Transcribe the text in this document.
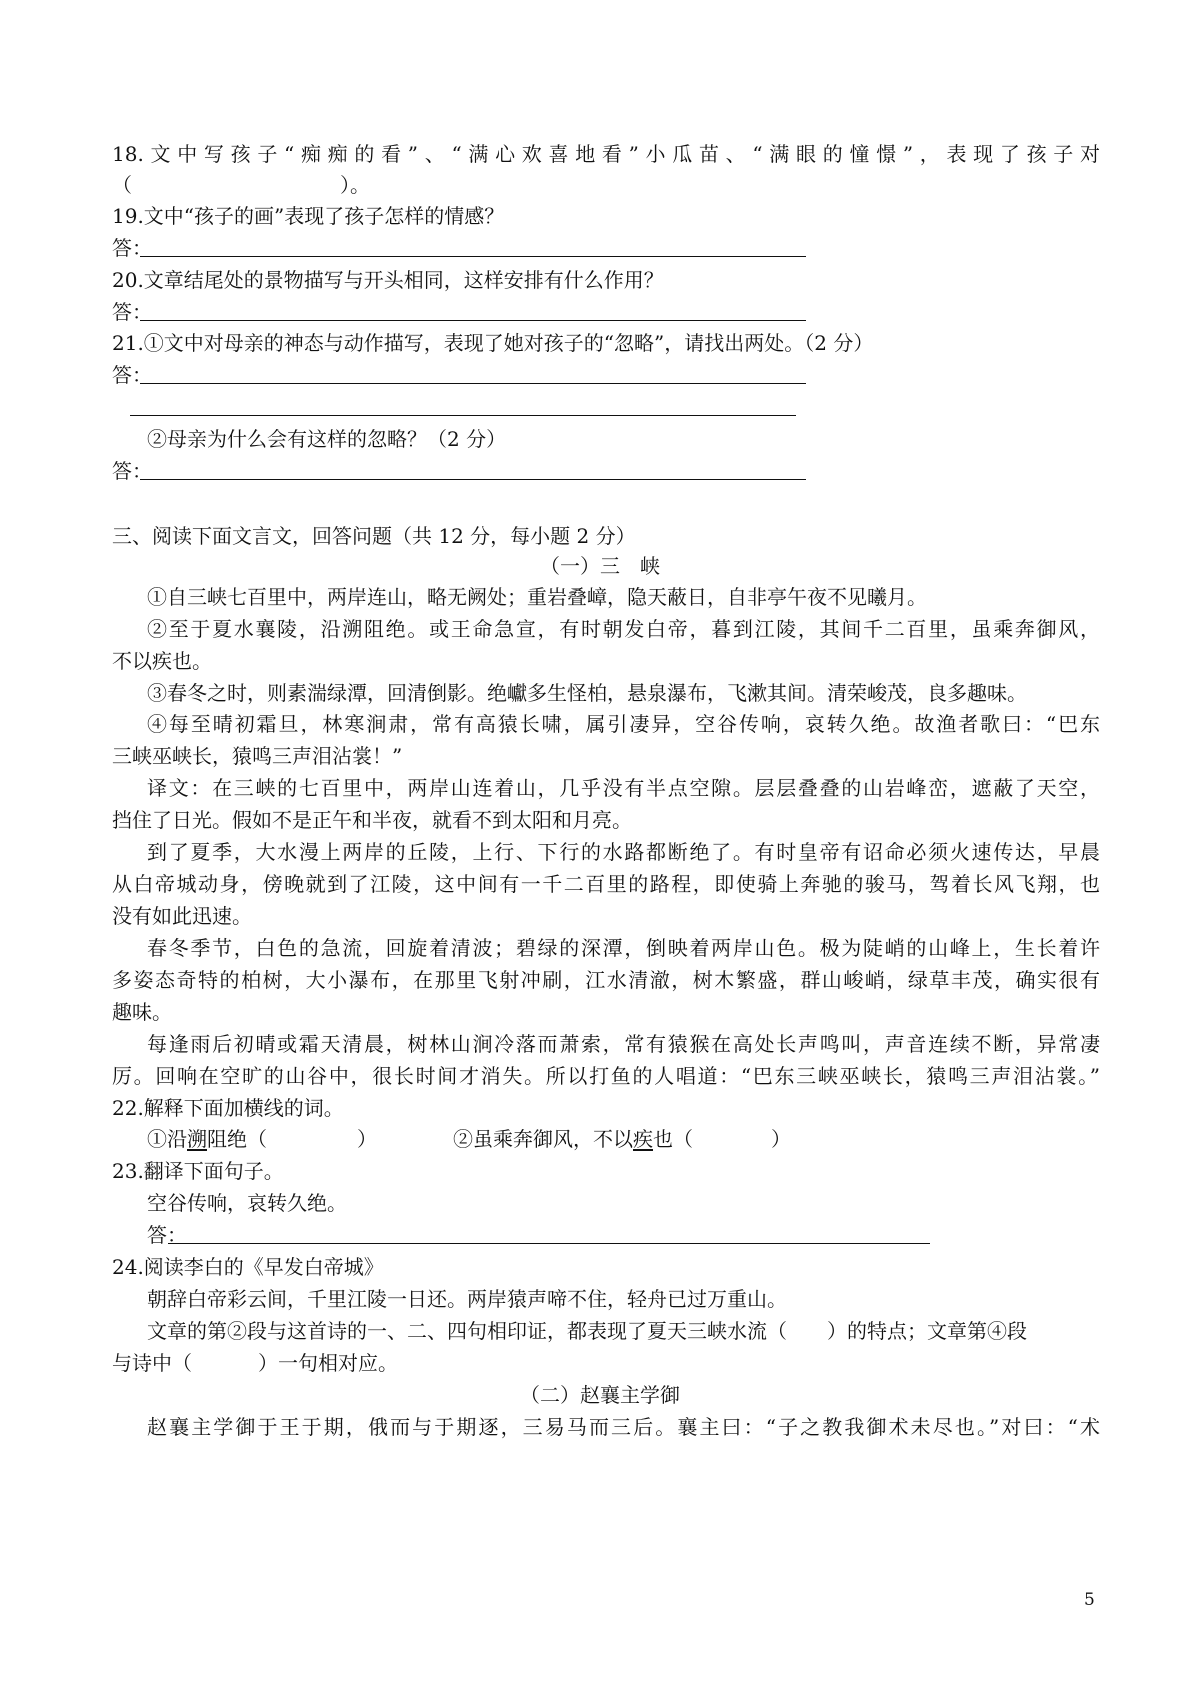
18.文中写孩子“痴痴的看”、“满心欢喜地看”小瓜苗、“满眼的憧憬”，表现了孩子对
（	）。
19.文中“孩子的画”表现了孩子怎样的情感？
答：
20.文章结尾处的景物描写与开头相同，这样安排有什么作用？
答：
21.①文中对母亲的神态与动作描写，表现了她对孩子的“忽略”，请找出两处。（2 分）
答：
②母亲为什么会有这样的忽略？（2 分）
答：
三、阅读下面文言文，回答问题（共 12 分，每小题 2 分）
（一）三　峡
①自三峡七百里中，两岸连山，略无阙处；重岩叠嶂，隐天蔽日，自非亭午夜不见曦月。
②至于夏水襄陵，沿溯阻绝。或王命急宣，有时朝发白帝，暮到江陵，其间千二百里，虽乘奔御风，
不以疾也。
③春冬之时，则素湍绿潭，回清倒影。绝巘多生怪柏，悬泉瀑布，飞漱其间。清荣峻茂，良多趣味。
④每至晴初霜旦，林寒涧肃，常有高猿长啸，属引凄异，空谷传响，哀转久绝。故渔者歌曰：“巴东
三峡巫峡长，猿鸣三声泪沾裳！”
译文：在三峡的七百里中，两岸山连着山，几乎没有半点空隙。层层叠叠的山岩峰峦，遮蔽了天空，
挡住了日光。假如不是正午和半夜，就看不到太阳和月亮。
到了夏季，大水漫上两岸的丘陵，上行、下行的水路都断绝了。有时皇帝有诏命必须火速传达，早晨
从白帝城动身，傍晚就到了江陵，这中间有一千二百里的路程，即使骑上奔驰的骏马，驾着长风飞翔，也
没有如此迅速。
春冬季节，白色的急流，回旋着清波；碧绿的深潭，倒映着两岸山色。极为陡峭的山峰上，生长着许
多姿态奇特的柏树，大小瀑布，在那里飞射冲刷，江水清澈，树木繁盛，群山峻峭，绿草丰茂，确实很有
趣味。
每逢雨后初晴或霜天清晨，树林山涧冷落而萧索，常有猿猴在高处长声鸣叫，声音连续不断，异常凄
厉。回响在空旷的山谷中，很长时间才消失。所以打鱼的人唱道：“巴东三峡巫峡长，猿鸣三声泪沾裳。”
22.解释下面加横线的词。
①沿溯阻绝（	）	②虽乘奔御风，不以疾也（	）
23.翻译下面句子。
空谷传响，哀转久绝。
答：
24.阅读李白的《早发白帝城》
朝辞白帝彩云间，千里江陵一日还。两岸猿声啼不住，轻舟已过万重山。
文章的第②段与这首诗的一、二、四句相印证，都表现了夏天三峡水流（ ）的特点；文章第④段
与诗中（	）一句相对应。
（二）赵襄主学御
赵襄主学御于王于期，俄而与于期逐，三易马而三后。襄主曰：“子之教我御术未尽也。”对曰：“术
5
